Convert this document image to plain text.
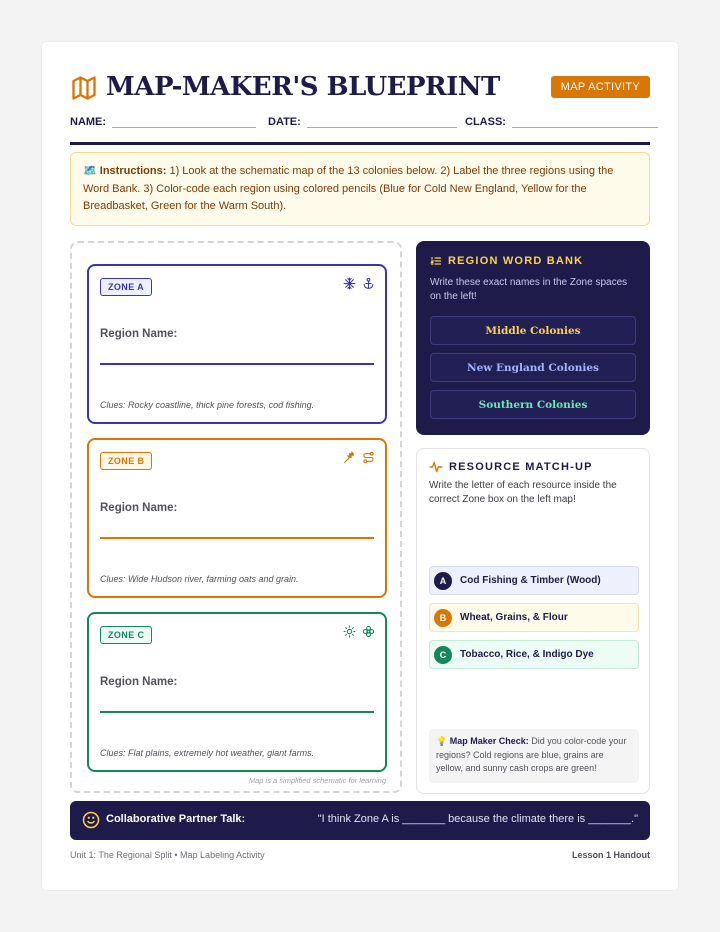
MAP-MAKER'S BLUEPRINT	MAP ACTIVITY
NAME:	DATE:	CLASS:
🗺️ Instructions: 1) Look at the schematic map of the 13 colonies below. 2) Label the three regions using the Word Bank. 3) Color-code each region using colored pencils (Blue for Cold New England, Yellow for the Breadbasket, Green for the Warm South).
ZONE A
Region Name:
Clues: Rocky coastline, thick pine forests, cod fishing.
ZONE B
Region Name:
Clues: Wide Hudson river, farming oats and grain.
ZONE C
Region Name:
Clues: Flat plains, extremely hot weather, giant farms.
Map is a simplified schematic for learning
REGION WORD BANK
Write these exact names in the Zone spaces on the left!
Middle Colonies
New England Colonies
Southern Colonies
RESOURCE MATCH-UP
Write the letter of each resource inside the correct Zone box on the left map!
A	Cod Fishing & Timber (Wood)
B	Wheat, Grains, & Flour
C	Tobacco, Rice, & Indigo Dye
💡 Map Maker Check: Did you color-code your regions? Cold regions are blue, grains are yellow, and sunny cash crops are green!
Collaborative Partner Talk:	"I think Zone A is _______ because the climate there is _______."
Unit 1: The Regional Split • Map Labeling Activity	Lesson 1 Handout
